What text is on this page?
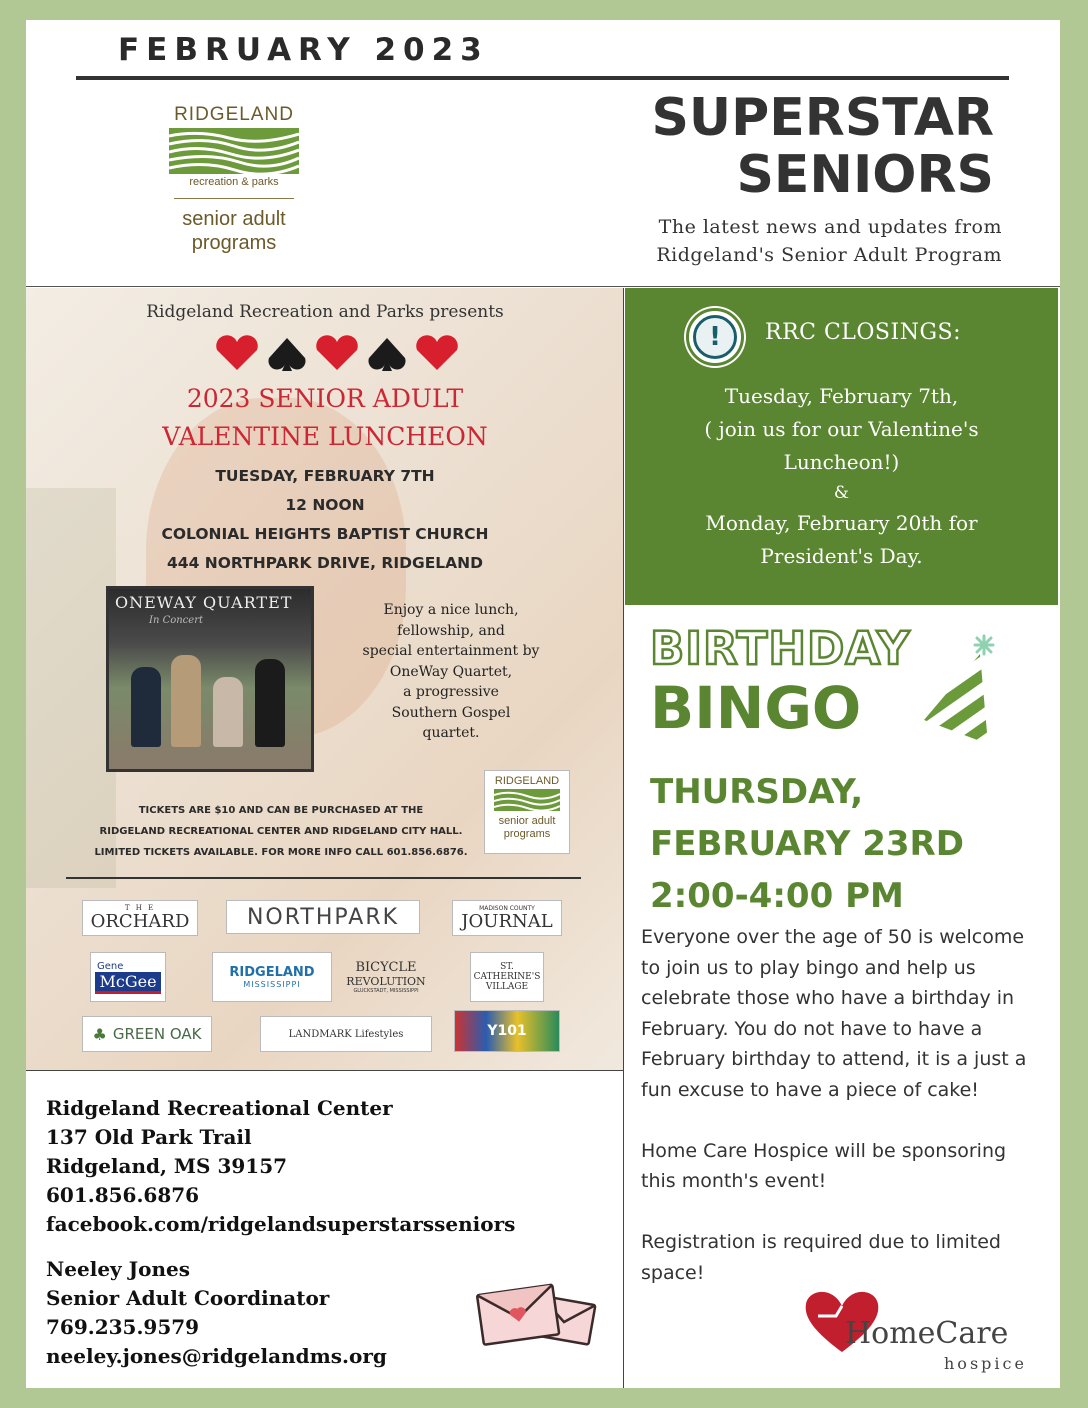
FEBRUARY 2023
RIDGELAND
recreation & parks
senior adult
programs
SUPERSTAR
SENIORS
The latest news and updates from
Ridgeland's Senior Adult Program
Ridgeland Recreation and Parks presents
2023 SENIOR ADULT
VALENTINE LUNCHEON
TUESDAY, FEBRUARY 7TH
12 NOON
COLONIAL HEIGHTS BAPTIST CHURCH
444 NORTHPARK DRIVE, RIDGELAND
ONEWAY QUARTET
In Concert
Enjoy a nice lunch,
fellowship, and
special entertainment by
OneWay Quartet,
a progressive
Southern Gospel
quartet.
TICKETS ARE $10 AND CAN BE PURCHASED AT THE
RIDGELAND RECREATIONAL CENTER AND RIDGELAND CITY HALL.
LIMITED TICKETS AVAILABLE. FOR MORE INFO CALL 601.856.6876.
RIDGELAND
senior adult
programs
T H E
ORCHARD	NORTHPARK	MADISON COUNTY
JOURNAL
Gene
McGee	RIDGELAND
MISSISSIPPI
BICYCLE
REVOLUTION
GLUCKSTADT, MISSISSIPPI
ST.
CATHERINE'S
VILLAGE
♣ GREEN OAK	LANDMARK Lifestyles	Y101
Ridgeland Recreational Center
137 Old Park Trail
Ridgeland, MS 39157
601.856.6876
facebook.com/ridgelandsuperstarsseniors
Neeley Jones
Senior Adult Coordinator
769.235.9579
neeley.jones@ridgelandms.org
!	RRC CLOSINGS:
Tuesday, February 7th,
( join us for our Valentine's
Luncheon!)
&
Monday, February 20th for
President's Day.
BIRTHDAY
BINGO
THURSDAY,
FEBRUARY 23RD
2:00-4:00 PM
Everyone over the age of 50 is welcome
to join us to play bingo and help us
celebrate those who have a birthday in
February. You do not have to have a
February birthday to attend, it is a just a
fun excuse to have a piece of cake!
Home Care Hospice will be sponsoring
this month's event!
Registration is required due to limited
space!
HomeCare
hospice
